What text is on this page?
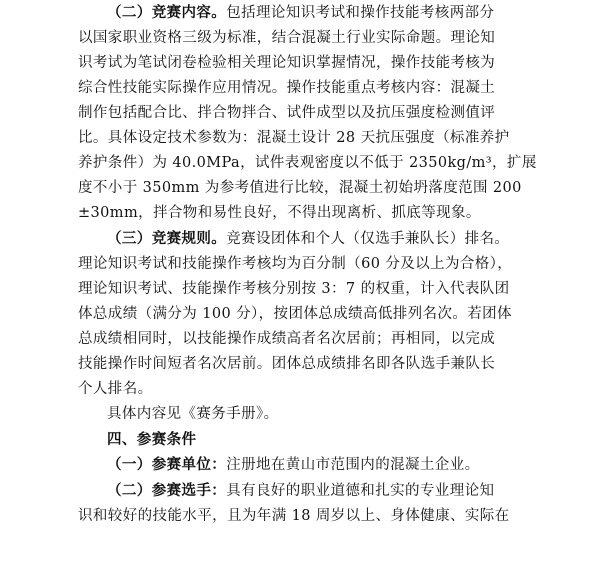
（二）竞赛内容。包括理论知识考试和操作技能考核两部分
以国家职业资格三级为标准，结合混凝土行业实际命题。理论知
识考试为笔试闭卷检验相关理论知识掌握情况，操作技能考核为
综合性技能实际操作应用情况。操作技能重点考核内容：混凝土
制作包括配合比、拌合物拌合、试件成型以及抗压强度检测值评
比。具体设定技术参数为：混凝土设计 28 天抗压强度（标准养护
养护条件）为 40.0MPa，试件表观密度以不低于 2350kg/m³，扩展
度不小于 350mm 为参考值进行比较，混凝土初始坍落度范围 200
±30mm，拌合物和易性良好，不得出现离析、抓底等现象。

（三）竞赛规则。竞赛设团体和个人（仅选手兼队长）排名。
理论知识考试和技能操作考核均为百分制（60 分及以上为合格），
理论知识考试、技能操作考核分别按 3：7 的权重，计入代表队团
体总成绩（满分为 100 分），按团体总成绩高低排列名次。若团体
总成绩相同时，以技能操作成绩高者名次居前；再相同，以完成
技能操作时间短者名次居前。团体总成绩排名即各队选手兼队长
个人排名。

具体内容见《赛务手册》。

四、参赛条件

（一）参赛单位：注册地在黄山市范围内的混凝土企业。

（二）参赛选手：具有良好的职业道德和扎实的专业理论知
识和较好的技能水平，且为年满 18 周岁以上、身体健康、实际在
